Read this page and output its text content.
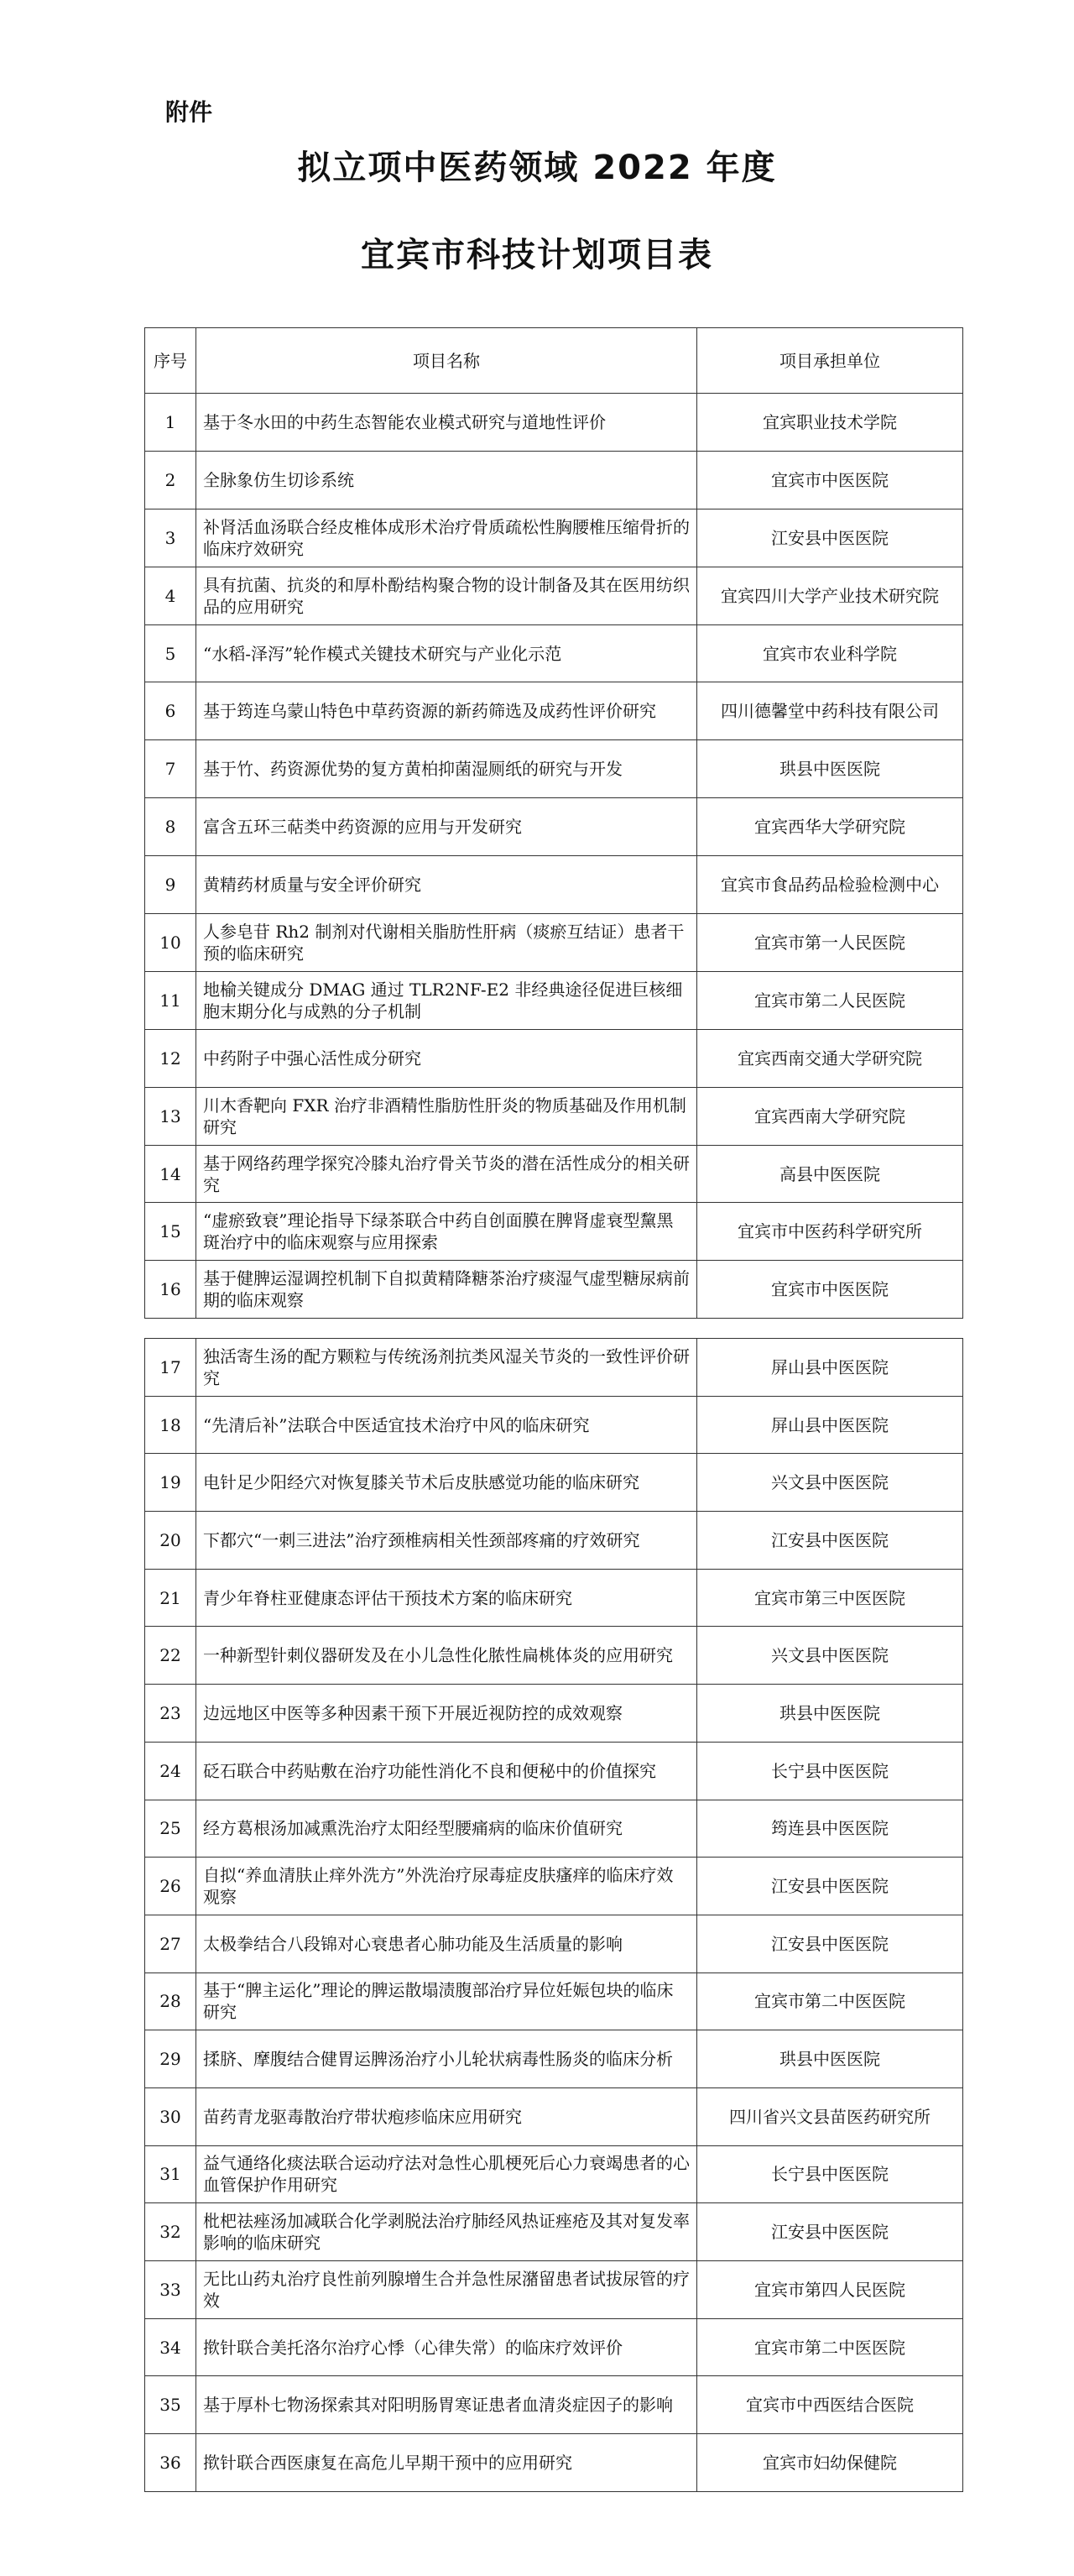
附件
拟立项中医药领域 2022 年度
宜宾市科技计划项目表
序号	项目名称	项目承担单位
1	基于冬水田的中药生态智能农业模式研究与道地性评价	宜宾职业技术学院
2	全脉象仿生切诊系统	宜宾市中医医院
3	补肾活血汤联合经皮椎体成形术治疗骨质疏松性胸腰椎压缩骨折的临床疗效研究	江安县中医医院
4	具有抗菌、抗炎的和厚朴酚结构聚合物的设计制备及其在医用纺织品的应用研究	宜宾四川大学产业技术研究院
5	“水稻-泽泻”轮作模式关键技术研究与产业化示范	宜宾市农业科学院
6	基于筠连乌蒙山特色中草药资源的新药筛选及成药性评价研究	四川德馨堂中药科技有限公司
7	基于竹、药资源优势的复方黄柏抑菌湿厕纸的研究与开发	珙县中医医院
8	富含五环三萜类中药资源的应用与开发研究	宜宾西华大学研究院
9	黄精药材质量与安全评价研究	宜宾市食品药品检验检测中心
10	人参皂苷 Rh2 制剂对代谢相关脂肪性肝病（痰瘀互结证）患者干预的临床研究	宜宾市第一人民医院
11	地榆关键成分 DMAG 通过 TLR2NF-E2 非经典途径促进巨核细胞末期分化与成熟的分子机制	宜宾市第二人民医院
12	中药附子中强心活性成分研究	宜宾西南交通大学研究院
13	川木香靶向 FXR 治疗非酒精性脂肪性肝炎的物质基础及作用机制研究	宜宾西南大学研究院
14	基于网络药理学探究冷膝丸治疗骨关节炎的潜在活性成分的相关研究	高县中医医院
15	“虚瘀致衰”理论指导下绿茶联合中药自创面膜在脾肾虚衰型黧黑斑治疗中的临床观察与应用探索	宜宾市中医药科学研究所
16	基于健脾运湿调控机制下自拟黄精降糖茶治疗痰湿气虚型糖尿病前期的临床观察	宜宾市中医医院
17	独活寄生汤的配方颗粒与传统汤剂抗类风湿关节炎的一致性评价研究	屏山县中医医院
18	“先清后补”法联合中医适宜技术治疗中风的临床研究	屏山县中医医院
19	电针足少阳经穴对恢复膝关节术后皮肤感觉功能的临床研究	兴文县中医医院
20	下都穴“一刺三进法”治疗颈椎病相关性颈部疼痛的疗效研究	江安县中医医院
21	青少年脊柱亚健康态评估干预技术方案的临床研究	宜宾市第三中医医院
22	一种新型针刺仪器研发及在小儿急性化脓性扁桃体炎的应用研究	兴文县中医医院
23	边远地区中医等多种因素干预下开展近视防控的成效观察	珙县中医医院
24	砭石联合中药贴敷在治疗功能性消化不良和便秘中的价值探究	长宁县中医医院
25	经方葛根汤加减熏洗治疗太阳经型腰痛病的临床价值研究	筠连县中医医院
26	自拟“养血清肤止痒外洗方”外洗治疗尿毒症皮肤瘙痒的临床疗效观察	江安县中医医院
27	太极拳结合八段锦对心衰患者心肺功能及生活质量的影响	江安县中医医院
28	基于“脾主运化”理论的脾运散塌渍腹部治疗异位妊娠包块的临床研究	宜宾市第二中医医院
29	揉脐、摩腹结合健胃运脾汤治疗小儿轮状病毒性肠炎的临床分析	珙县中医医院
30	苗药青龙驱毒散治疗带状疱疹临床应用研究	四川省兴文县苗医药研究所
31	益气通络化痰法联合运动疗法对急性心肌梗死后心力衰竭患者的心血管保护作用研究	长宁县中医医院
32	枇杷祛痤汤加减联合化学剥脱法治疗肺经风热证痤疮及其对复发率影响的临床研究	江安县中医医院
33	无比山药丸治疗良性前列腺增生合并急性尿潴留患者试拔尿管的疗效	宜宾市第四人民医院
34	揿针联合美托洛尔治疗心悸（心律失常）的临床疗效评价	宜宾市第二中医医院
35	基于厚朴七物汤探索其对阳明肠胃寒证患者血清炎症因子的影响	宜宾市中西医结合医院
36	揿针联合西医康复在高危儿早期干预中的应用研究	宜宾市妇幼保健院
